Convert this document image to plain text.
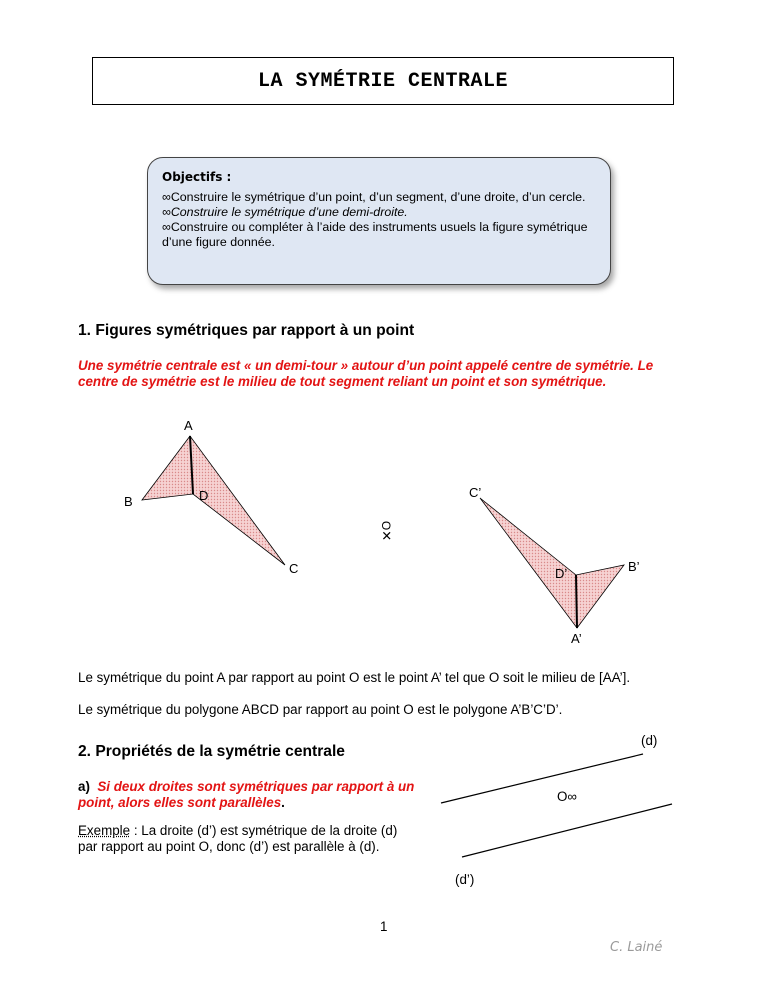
LA SYMÉTRIE CENTRALE
Objectifs :

∞Construire le symétrique d’un point, d’un segment, d’une droite, d’un cercle.

∞Construire le symétrique d’une demi-droite.

∞Construire ou compléter à l’aide des instruments usuels la figure symétrique d’une figure donnée.

1. Figures symétriques par rapport à un point
Une symétrie centrale est « un demi-tour » autour d’un point appelé centre de symétrie. Le centre de symétrie est le milieu de tout segment reliant un point et son symétrique.
A
B	D
C
O✕
C’
B’
D’
A’
Le symétrique du point A par rapport au point O est le point A’ tel que O soit le milieu de [AA’].
Le symétrique du polygone ABCD par rapport au point O est le polygone A’B’C’D’.
(d)
2. Propriétés de la symétrie centrale
a) Si deux droites sont symétriques par rapport à un point, alors elles sont parallèles.	O∞
Exemple : La droite (d’) est symétrique de la droite (d) par rapport au point O, donc (d’) est parallèle à (d).
(d’)
1
C. Lainé
